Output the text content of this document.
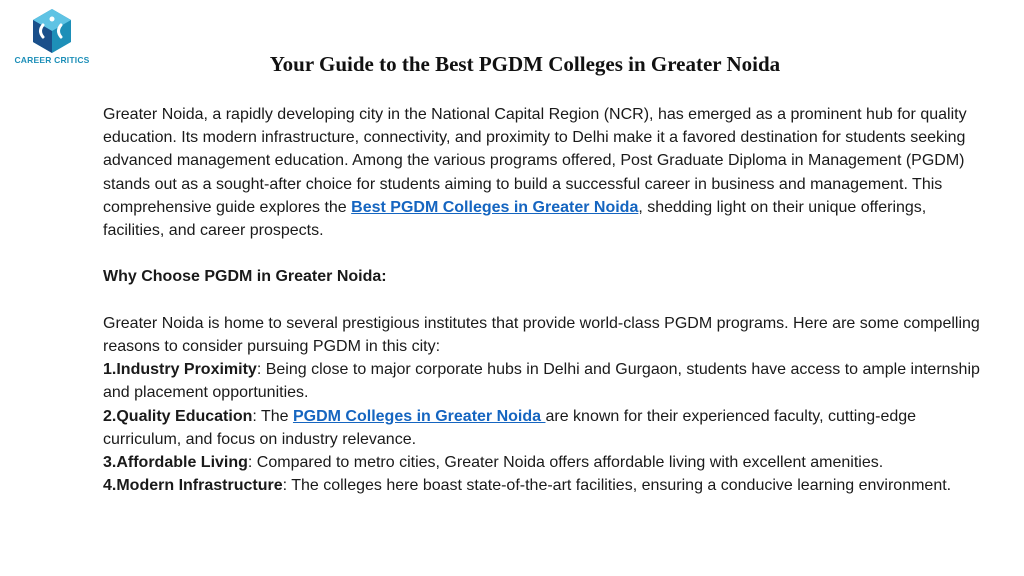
CAREER CRITICS	Your Guide to the Best PGDM Colleges in Greater Noida

Greater Noida, a rapidly developing city in the National Capital Region (NCR), has emerged as a prominent hub for quality education. Its modern infrastructure, connectivity, and proximity to Delhi make it a favored destination for students seeking advanced management education. Among the various programs offered, Post Graduate Diploma in Management (PGDM) stands out as a sought-after choice for students aiming to build a successful career in business and management. This comprehensive guide explores the Best PGDM Colleges in Greater Noida, shedding light on their unique offerings, facilities, and career prospects.

Why Choose PGDM in Greater Noida:

Greater Noida is home to several prestigious institutes that provide world-class PGDM programs. Here are some compelling reasons to consider pursuing PGDM in this city:

1.Industry Proximity: Being close to major corporate hubs in Delhi and Gurgaon, students have access to ample internship and placement opportunities.

2.Quality Education: The PGDM Colleges in Greater Noida are known for their experienced faculty, cutting-edge curriculum, and focus on industry relevance.

3.Affordable Living: Compared to metro cities, Greater Noida offers affordable living with excellent amenities.

4.Modern Infrastructure: The colleges here boast state-of-the-art facilities, ensuring a conducive learning environment.
